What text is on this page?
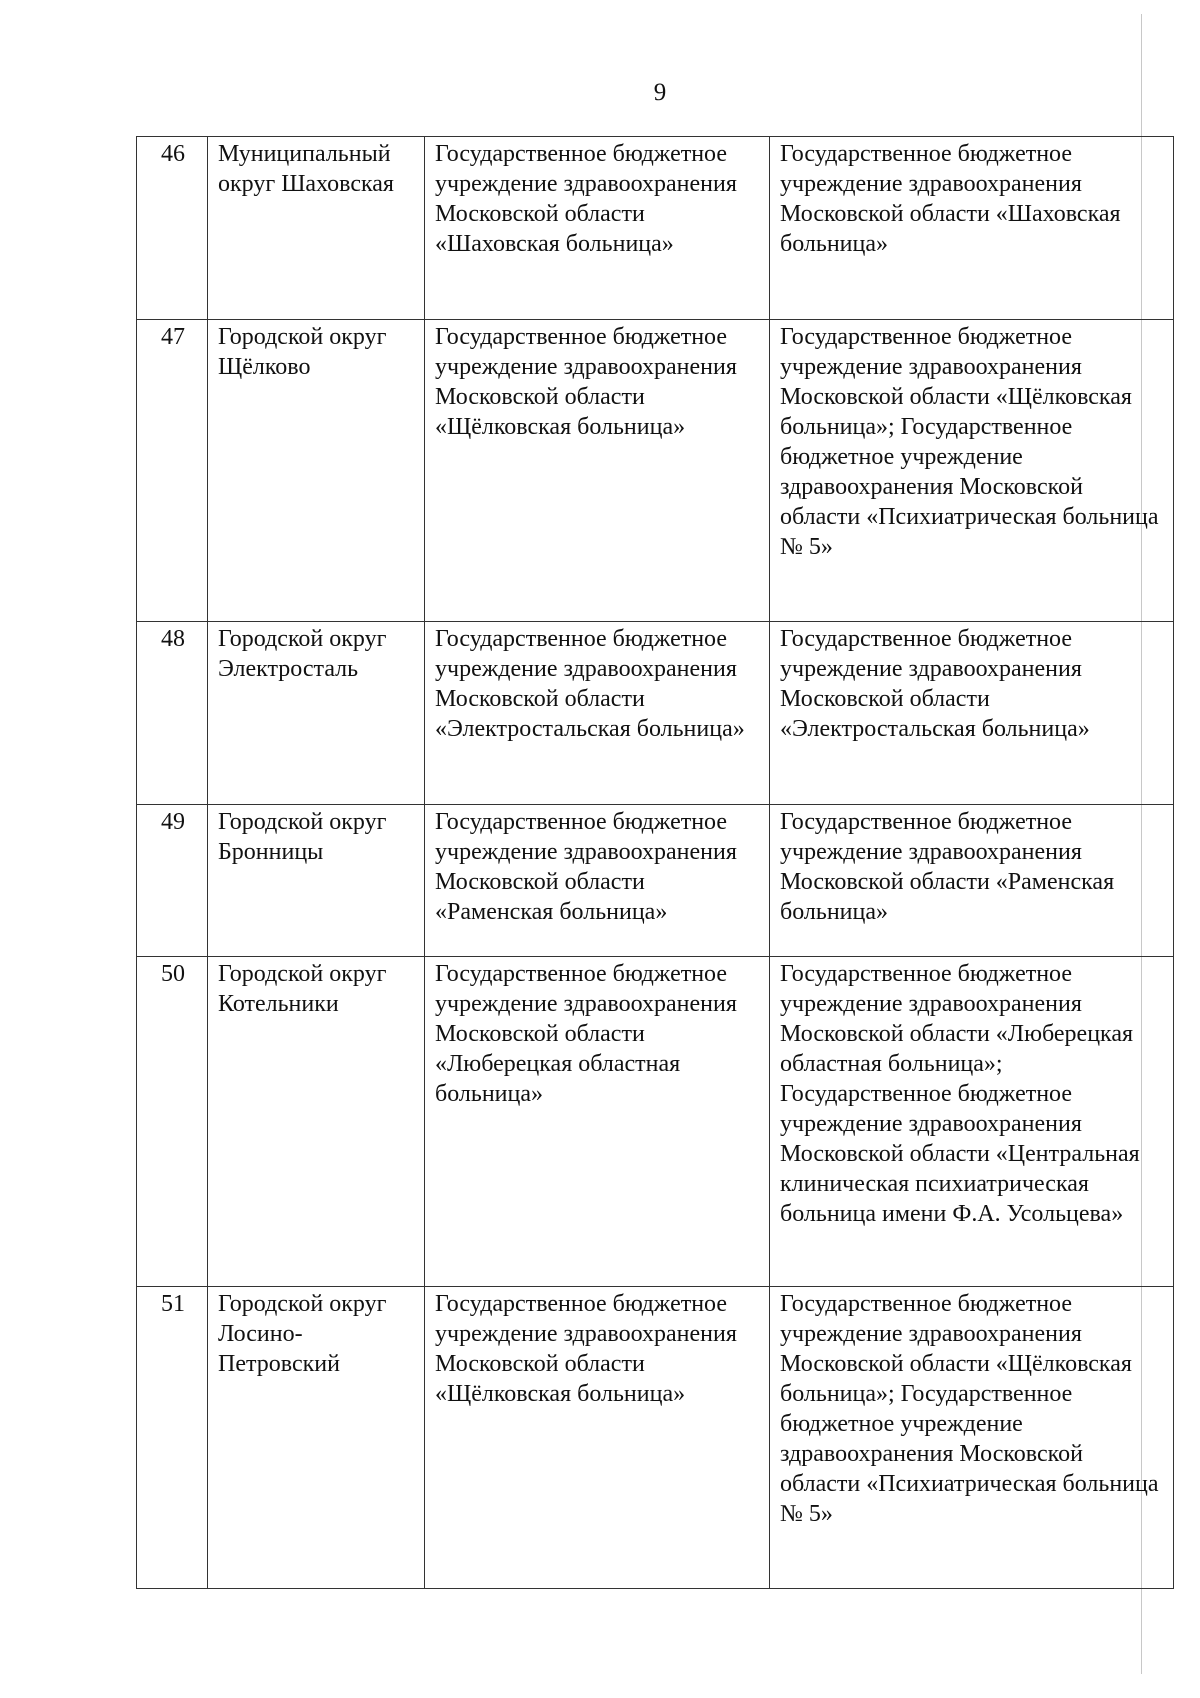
9
46	Муниципальный округ Шаховская	Государственное бюджетное учреждение здравоохранения Московской области «Шаховская больница»	Государственное бюджетное учреждение здравоохранения Московской области «Шаховская больница»
47	Городской округ Щёлково	Государственное бюджетное учреждение здравоохранения Московской области «Щёлковская больница»	Государственное бюджетное учреждение здравоохранения Московской области «Щёлковская больница»; Государственное бюджетное учреждение здравоохранения Московской области «Психиатрическая больница № 5»
48	Городской округ Электросталь	Государственное бюджетное учреждение здравоохранения Московской области «Электростальская больница»	Государственное бюджетное учреждение здравоохранения Московской области «Электростальская больница»
49	Городской округ Бронницы	Государственное бюджетное учреждение здравоохранения Московской области «Раменская больница»	Государственное бюджетное учреждение здравоохранения Московской области «Раменская больница»
50	Городской округ Котельники	Государственное бюджетное учреждение здравоохранения Московской области «Люберецкая областная больница»	Государственное бюджетное учреждение здравоохранения Московской области «Люберецкая областная больница»; Государственное бюджетное учреждение здравоохранения Московской области «Центральная клиническая психиатрическая больница имени Ф.А. Усольцева»
51	Городской округ Лосино-Петровский	Государственное бюджетное учреждение здравоохранения Московской области «Щёлковская больница»	Государственное бюджетное учреждение здравоохранения Московской области «Щёлковская больница»; Государственное бюджетное учреждение здравоохранения Московской области «Психиатрическая больница № 5»
